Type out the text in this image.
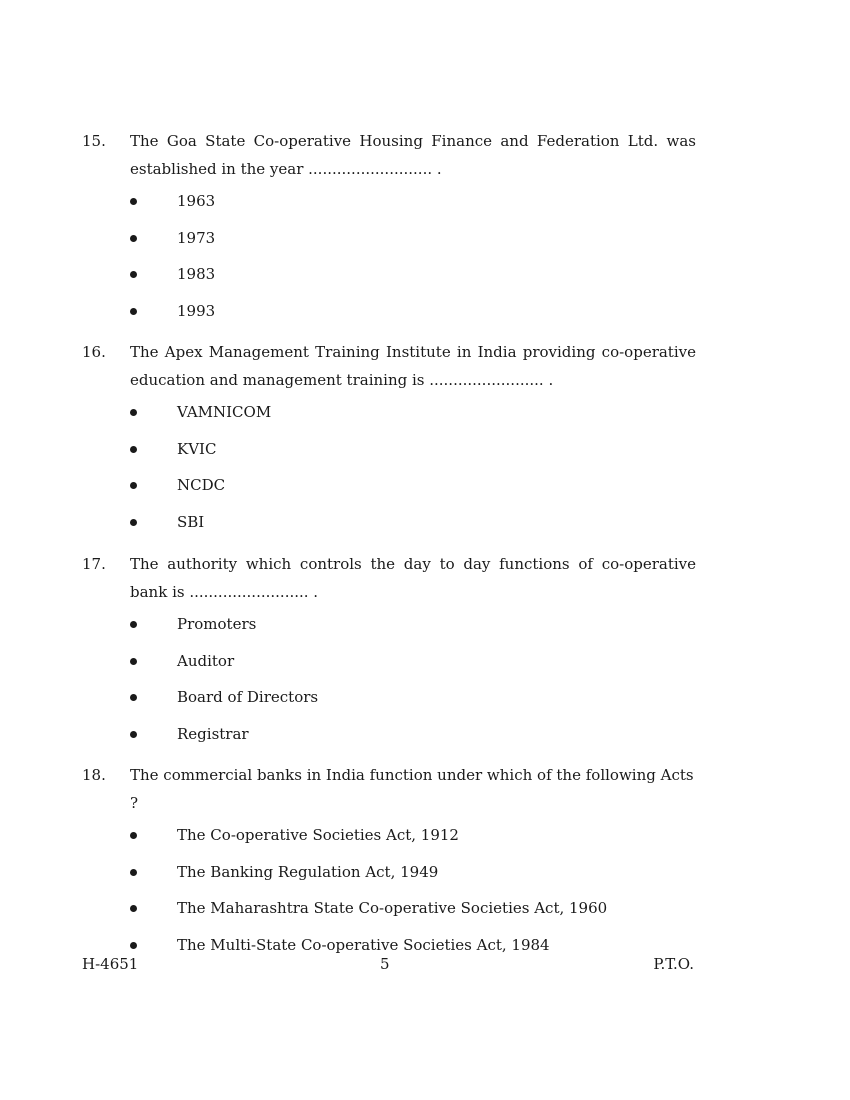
15. The Goa State Co-operative Housing Finance and Federation Ltd. was established in the year .......................... .
1963
1973
1983
1993
16. The Apex Management Training Institute in India providing co-operative education and management training is ........................ .
VAMNICOM
KVIC
NCDC
SBI
17. The authority which controls the day to day functions of co-operative bank is ......................... .
Promoters
Auditor
Board of Directors
Registrar
18. The commercial banks in India function under which of the following Acts ?
The Co-operative Societies Act, 1912
The Banking Regulation Act, 1949
The Maharashtra State Co-operative Societies Act, 1960
The Multi-State Co-operative Societies Act, 1984
H-4651	5	P.T.O.
